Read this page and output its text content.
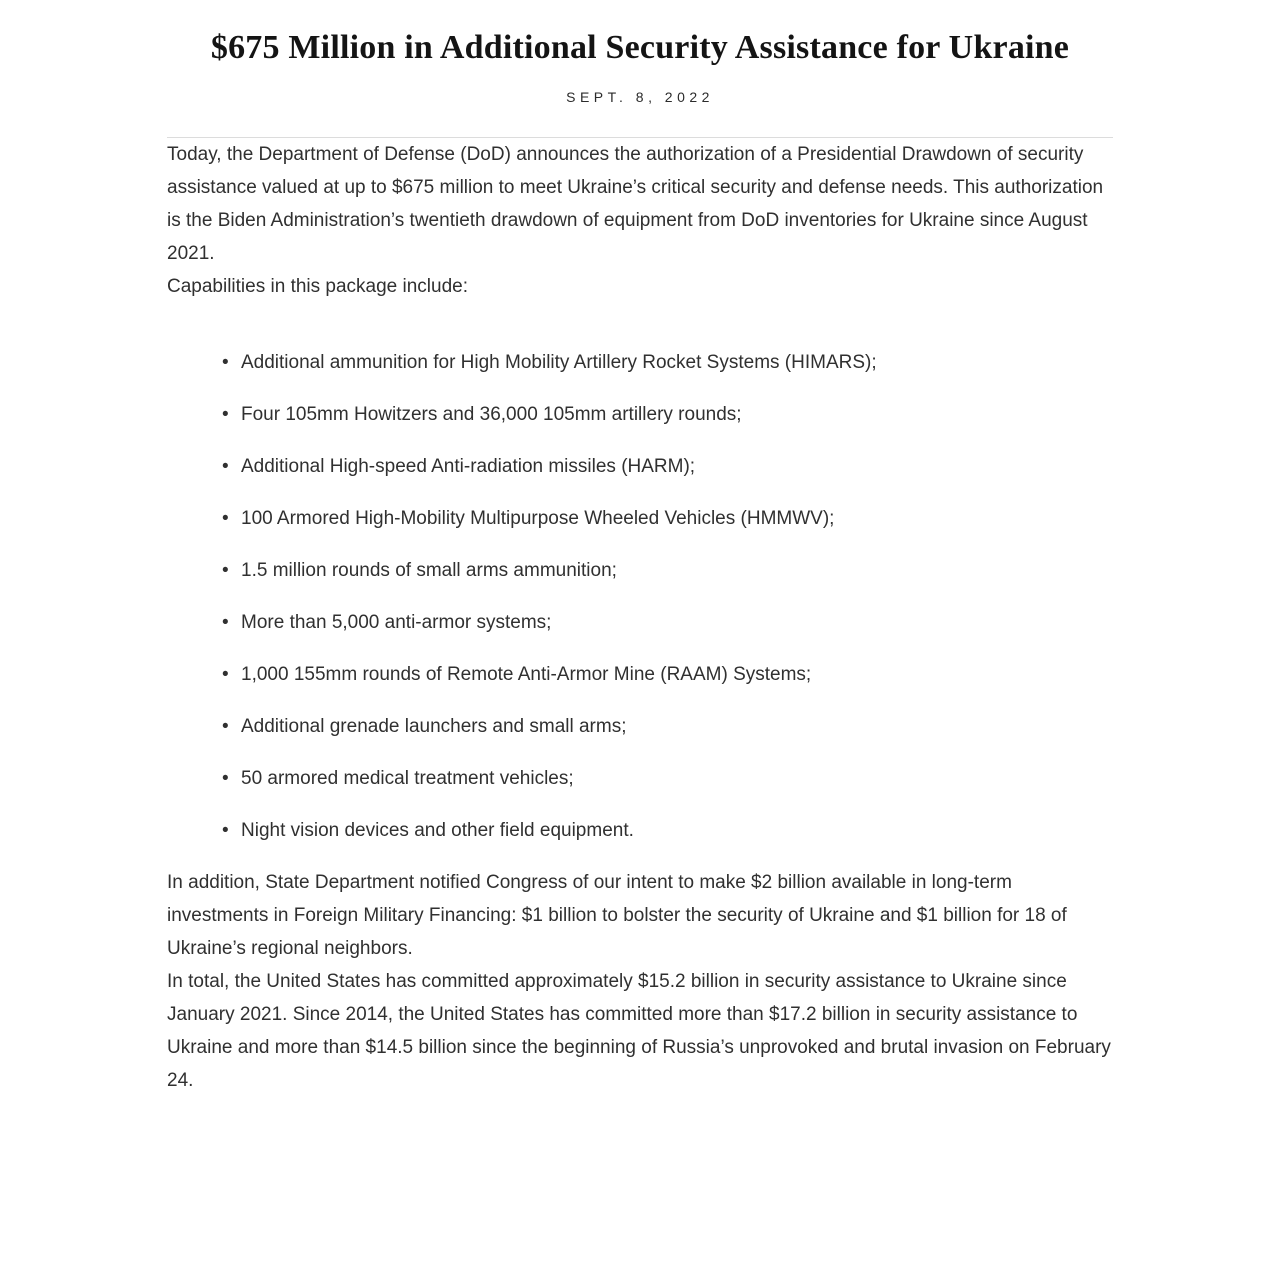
$675 Million in Additional Security Assistance for Ukraine
SEPT. 8, 2022

Today, the Department of Defense (DoD) announces the authorization of a Presidential Drawdown of security assistance valued at up to $675 million to meet Ukraine’s critical security and defense needs. This authorization is the Biden Administration’s twentieth drawdown of equipment from DoD inventories for Ukraine since August 2021.

Capabilities in this package include:

• Additional ammunition for High Mobility Artillery Rocket Systems (HIMARS);
• Four 105mm Howitzers and 36,000 105mm artillery rounds;
• Additional High-speed Anti-radiation missiles (HARM);
• 100 Armored High-Mobility Multipurpose Wheeled Vehicles (HMMWV);
• 1.5 million rounds of small arms ammunition;
• More than 5,000 anti-armor systems;
• 1,000 155mm rounds of Remote Anti-Armor Mine (RAAM) Systems;
• Additional grenade launchers and small arms;
• 50 armored medical treatment vehicles;
• Night vision devices and other field equipment.

In addition, State Department notified Congress of our intent to make $2 billion available in long-term investments in Foreign Military Financing: $1 billion to bolster the security of Ukraine and $1 billion for 18 of Ukraine’s regional neighbors.

In total, the United States has committed approximately $15.2 billion in security assistance to Ukraine since January 2021. Since 2014, the United States has committed more than $17.2 billion in security assistance to Ukraine and more than $14.5 billion since the beginning of Russia’s unprovoked and brutal invasion on February 24.
